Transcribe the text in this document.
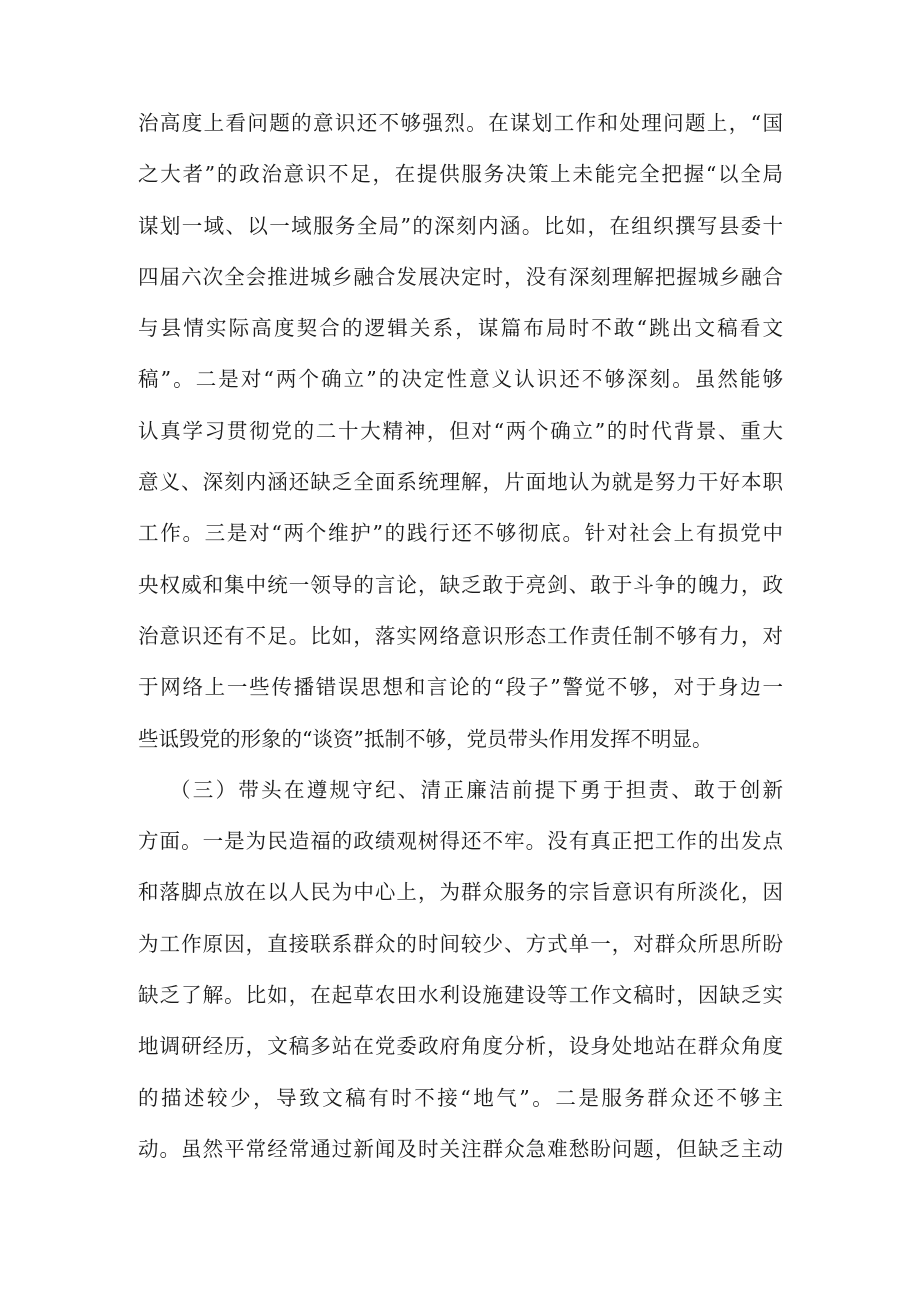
治高度上看问题的意识还不够强烈。在谋划工作和处理问题上，“国
之大者”的政治意识不足，在提供服务决策上未能完全把握“以全局
谋划一域、以一域服务全局”的深刻内涵。比如，在组织撰写县委十
四届六次全会推进城乡融合发展决定时，没有深刻理解把握城乡融合
与县情实际高度契合的逻辑关系，谋篇布局时不敢“跳出文稿看文
稿”。二是对“两个确立”的决定性意义认识还不够深刻。虽然能够
认真学习贯彻党的二十大精神，但对“两个确立”的时代背景、重大
意义、深刻内涵还缺乏全面系统理解，片面地认为就是努力干好本职
工作。三是对“两个维护”的践行还不够彻底。针对社会上有损党中
央权威和集中统一领导的言论，缺乏敢于亮剑、敢于斗争的魄力，政
治意识还有不足。比如，落实网络意识形态工作责任制不够有力，对
于网络上一些传播错误思想和言论的“段子”警觉不够，对于身边一
些诋毁党的形象的“谈资”抵制不够，党员带头作用发挥不明显。
（三）带头在遵规守纪、清正廉洁前提下勇于担责、敢于创新
方面。一是为民造福的政绩观树得还不牢。没有真正把工作的出发点
和落脚点放在以人民为中心上，为群众服务的宗旨意识有所淡化，因
为工作原因，直接联系群众的时间较少、方式单一，对群众所思所盼
缺乏了解。比如，在起草农田水利设施建设等工作文稿时，因缺乏实
地调研经历，文稿多站在党委政府角度分析，设身处地站在群众角度
的描述较少，导致文稿有时不接“地气”。二是服务群众还不够主
动。虽然平常经常通过新闻及时关注群众急难愁盼问题，但缺乏主动
